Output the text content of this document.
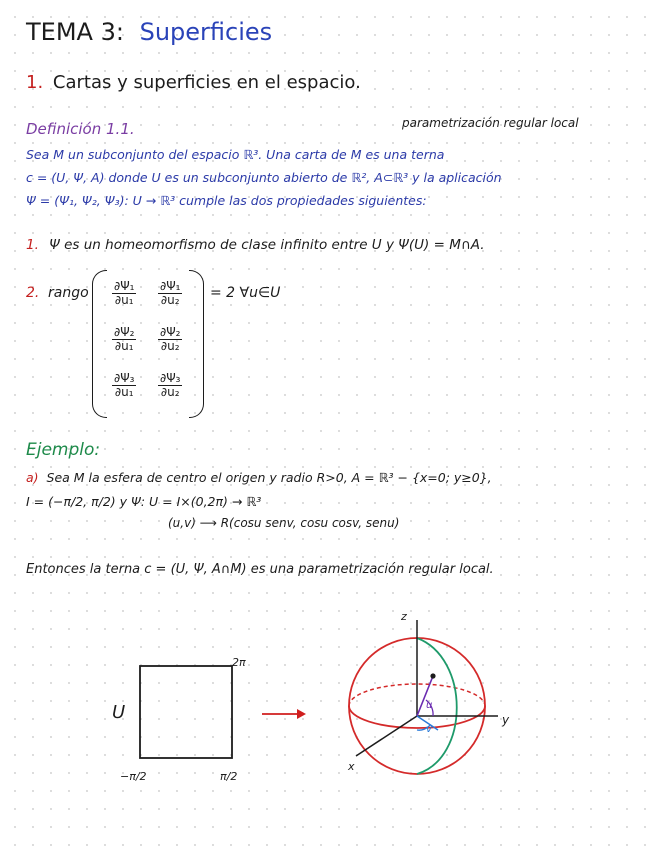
TEMA 3: Superficies
1. Cartas y superficies en el espacio.
Definición 1.1.	parametrización regular local
Sea M un subconjunto del espacio ℝ³. Una carta de M es una terna
c = (U, Ψ, A) donde U es un subconjunto abierto de ℝ², A⊂ℝ³ y la aplicación
Ψ = (Ψ₁, Ψ₂, Ψ₃): U → ℝ³ cumple las dos propiedades siguientes:
1. Ψ es un homeomorfismo de clase infinito entre U y Ψ(U) = M∩A.
2. rango $\frac{\text{∂Ψ₁}}{\text{∂u₁}} \frac{\text{∂Ψ₁}}{\text{∂u₂}}$
$\frac{\text{∂Ψ₂}}{\text{∂u₁}} \frac{\text{∂Ψ₂}}{\text{∂u₂}}$
$\frac{\text{∂Ψ₃}}{\text{∂u₁}} \frac{\text{∂Ψ₃}}{\text{∂u₂}}$
= 2 ∀u∈U
Ejemplo:
a) Sea M la esfera de centro el origen y radio R>0, A = ℝ³ − {x=0; y≥0},
I = (−π/2, π/2) y Ψ: U = I×(0,2π) → ℝ³
(u,v) ⟶ R(cosu senv, cosu cosv, senu)
Entonces la terna c = (U, Ψ, A∩M) es una parametrización regular local.
U
2π
−π/2	π/2
z
y
x
u
v
